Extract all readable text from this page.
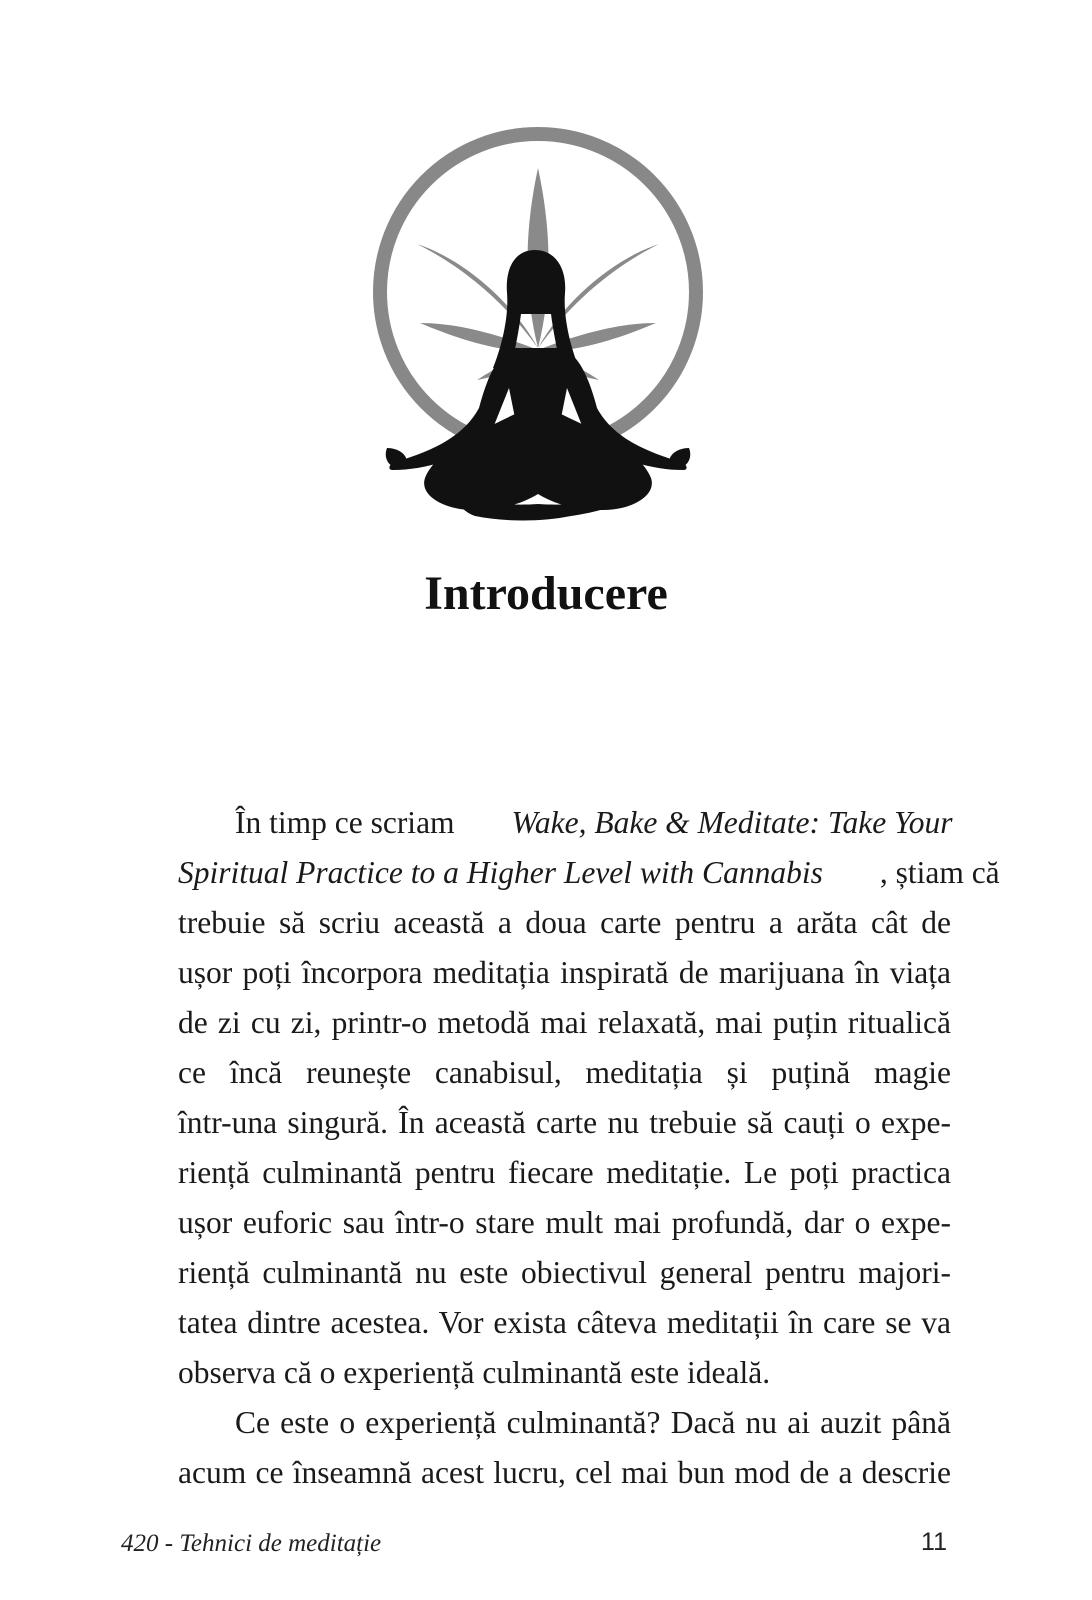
Introducere
În timp ce scriam	Wake, Bake & Meditate: Take Your
Spiritual Practice to a Higher Level with Cannabis	, știam că
trebuie să scriu această a doua carte pentru a arăta cât de
ușor poți încorpora meditația inspirată de marijuana în viața
de zi cu zi, printr-o metodă mai relaxată, mai puțin ritualică
ce încă reunește canabisul, meditația și puțină magie
într-una singură. În această carte nu trebuie să cauți o expe-
riență culminantă pentru fiecare meditație. Le poți practica
ușor euforic sau într-o stare mult mai profundă, dar o expe-
riență culminantă nu este obiectivul general pentru majori-
tatea dintre acestea. Vor exista câteva meditații în care se va
observa că o experiență culminantă este ideală.
Ce este o experiență culminantă? Dacă nu ai auzit până
acum ce înseamnă acest lucru, cel mai bun mod de a descrie
420 - Tehnici de meditație	11
